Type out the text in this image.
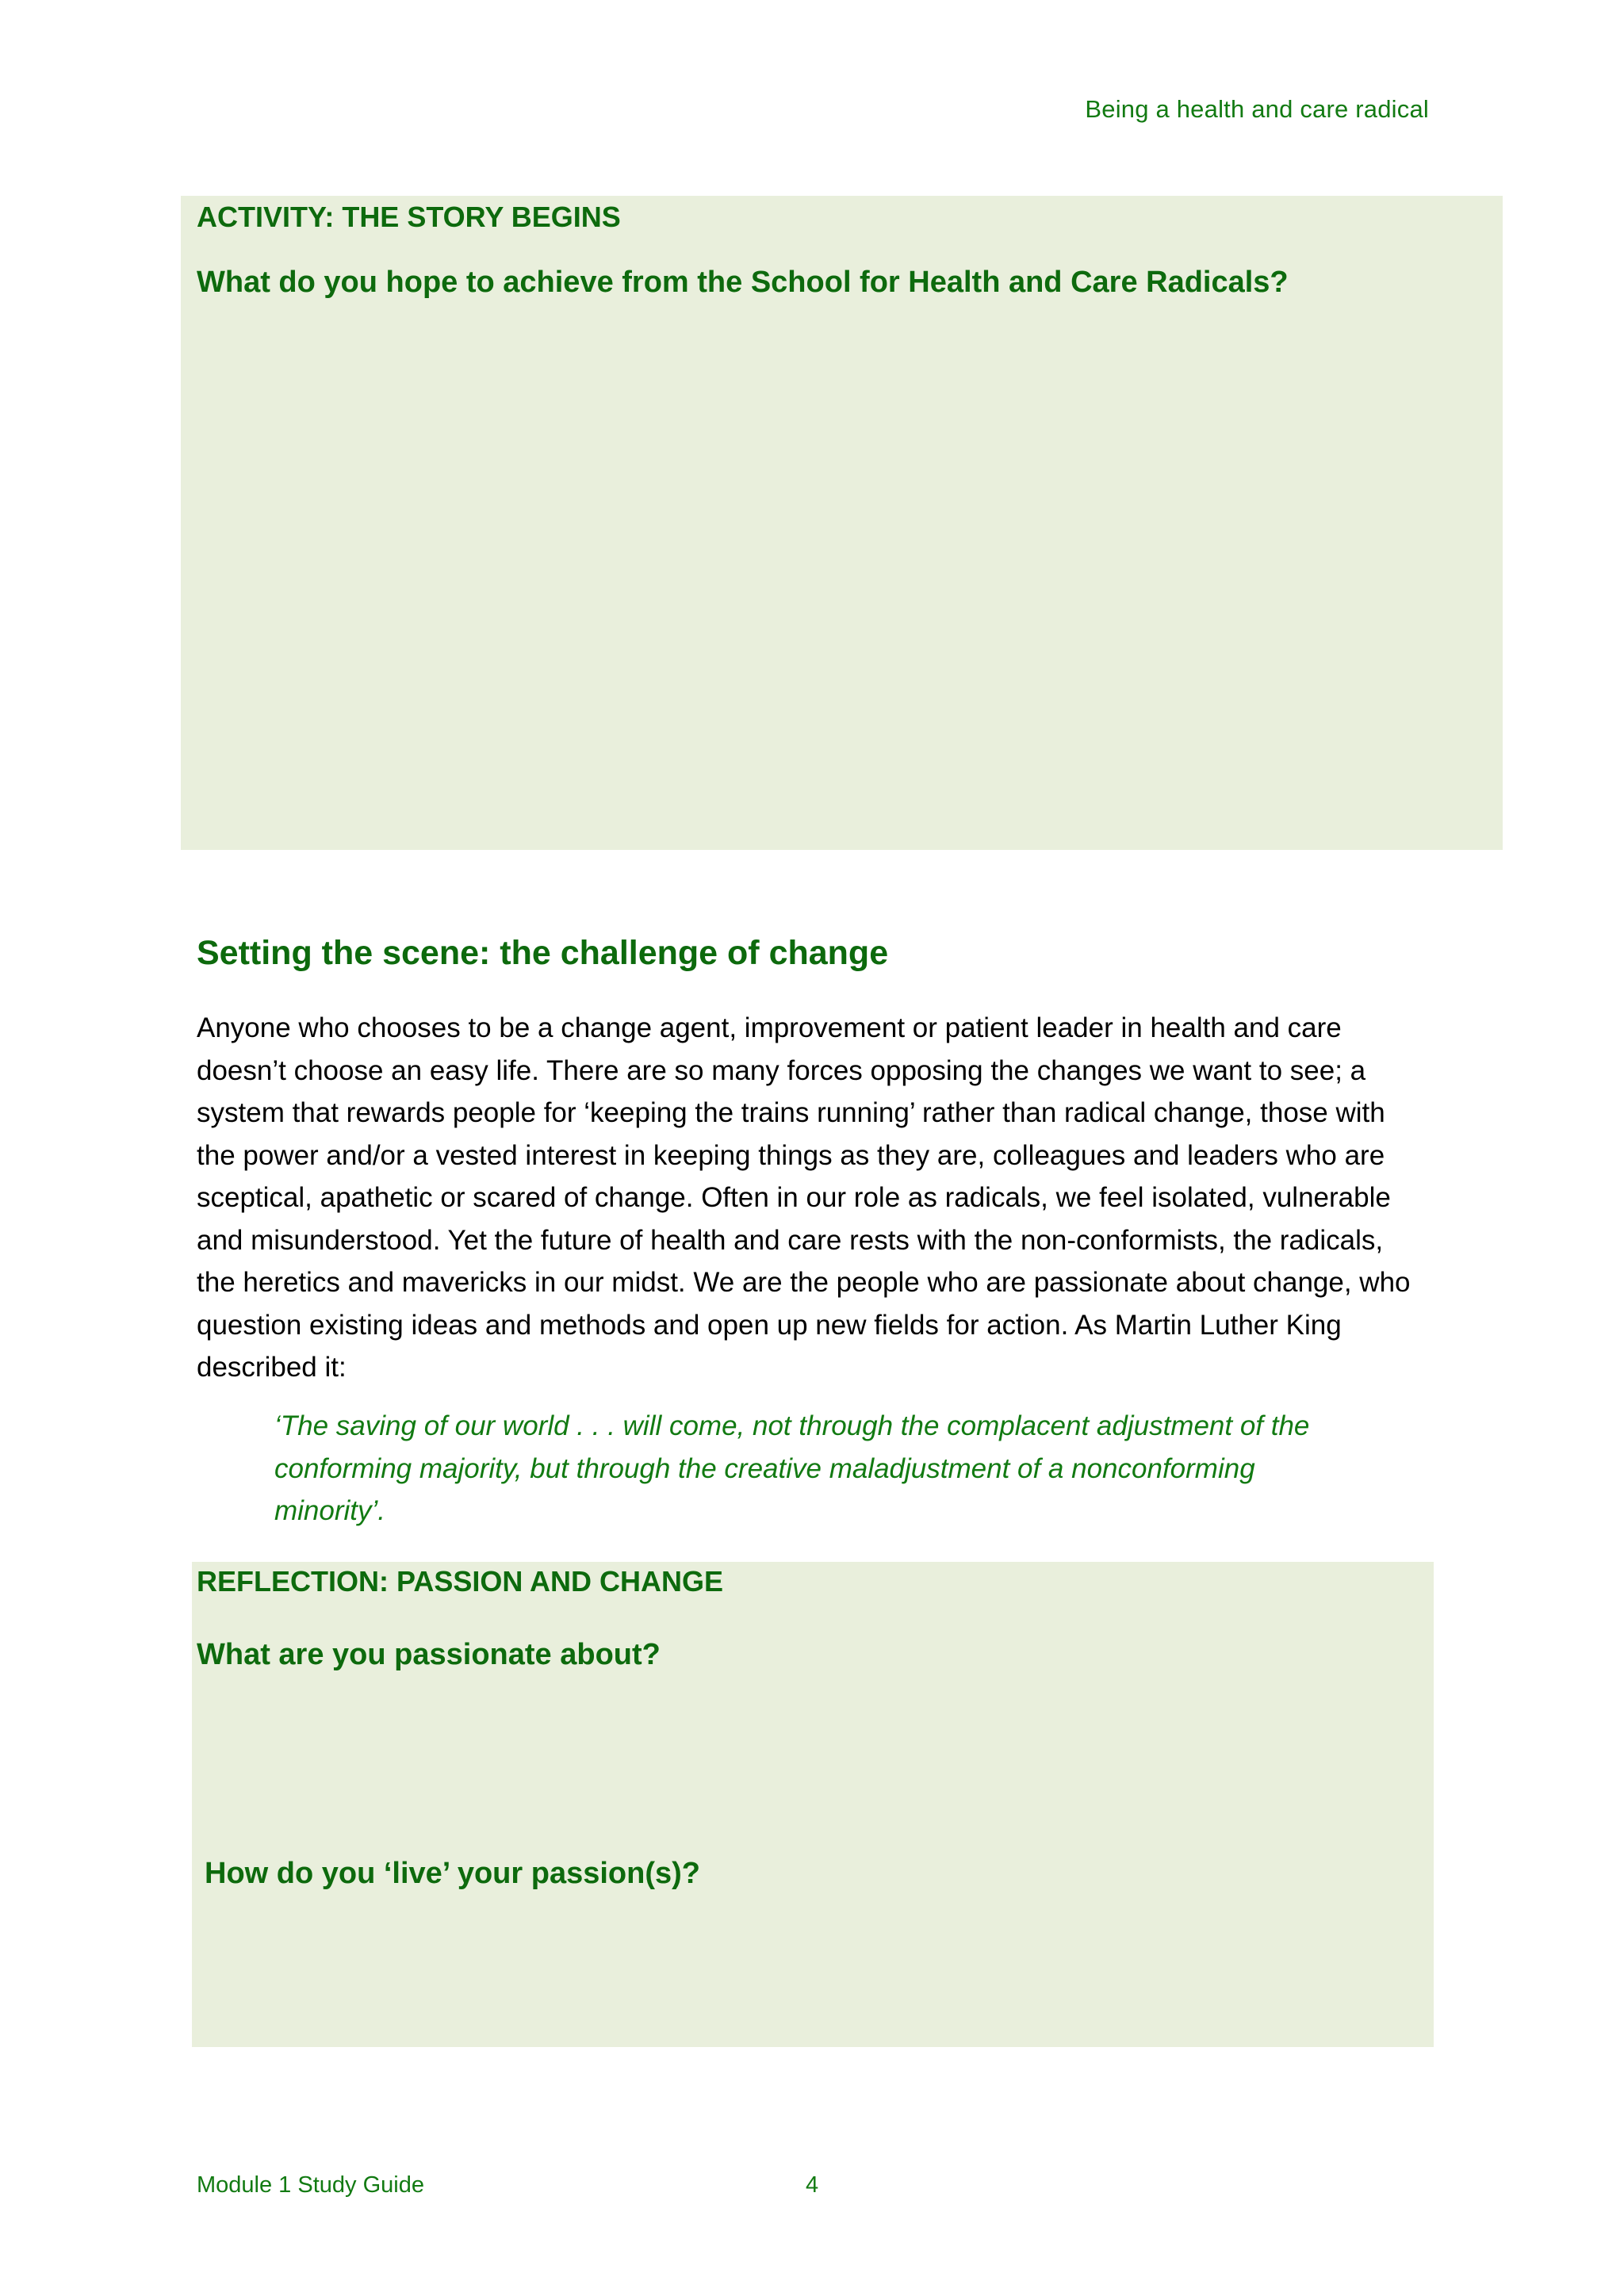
Being a health and care radical
ACTIVITY: THE STORY BEGINS
What do you hope to achieve from the School for Health and Care Radicals?
Setting the scene: the challenge of change

Anyone who chooses to be a change agent, improvement or patient leader in health and care

doesn’t choose an easy life. There are so many forces opposing the changes we want to see; a

system that rewards people for ‘keeping the trains running’ rather than radical change, those with

the power and/or a vested interest in keeping things as they are, colleagues and leaders who are

sceptical, apathetic or scared of change. Often in our role as radicals, we feel isolated, vulnerable

and misunderstood. Yet the future of health and care rests with the non-conformists, the radicals,

the heretics and mavericks in our midst. We are the people who are passionate about change, who

question existing ideas and methods and open up new fields for action. As Martin Luther King

described it:

‘The saving of our world . . . will come, not through the complacent adjustment of the
conforming majority, but through the creative maladjustment of a nonconforming
minority’.
REFLECTION: PASSION AND CHANGE
What are you passionate about?
How do you ‘live’ your passion(s)?
Module 1 Study Guide	4
